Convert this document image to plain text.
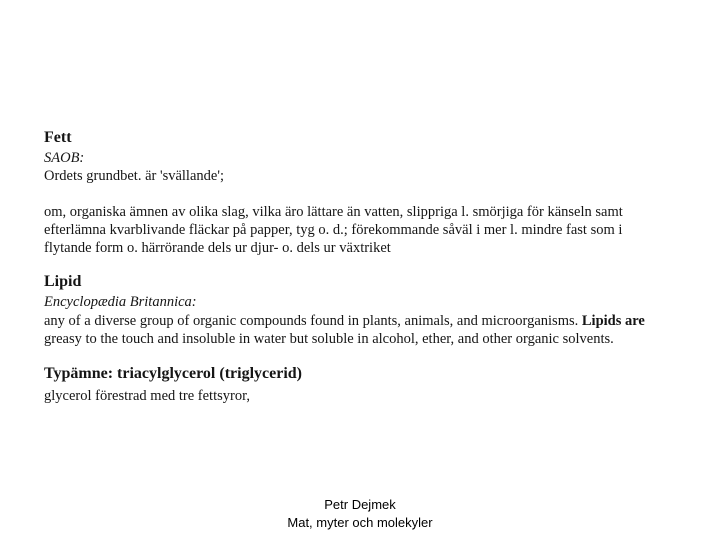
Fett
SAOB:
Ordets grundbet. är 'svällande';
om, organiska ämnen av olika slag, vilka äro lättare än vatten, slippriga l. smörjiga för känseln samt
efterlämna kvarblivande fläckar på papper, tyg o. d.; förekommande såväl i mer l. mindre fast som i
flytande form o. härrörande dels ur djur- o. dels ur växtriket
Lipid
Encyclopædia Britannica:
any of a diverse group of organic compounds found in plants, animals, and microorganisms. Lipids are
greasy to the touch and insoluble in water but soluble in alcohol, ether, and other organic solvents.
Typämne: triacylglycerol (triglycerid)
glycerol förestrad med tre fettsyror,
Petr Dejmek
Mat, myter och molekyler
